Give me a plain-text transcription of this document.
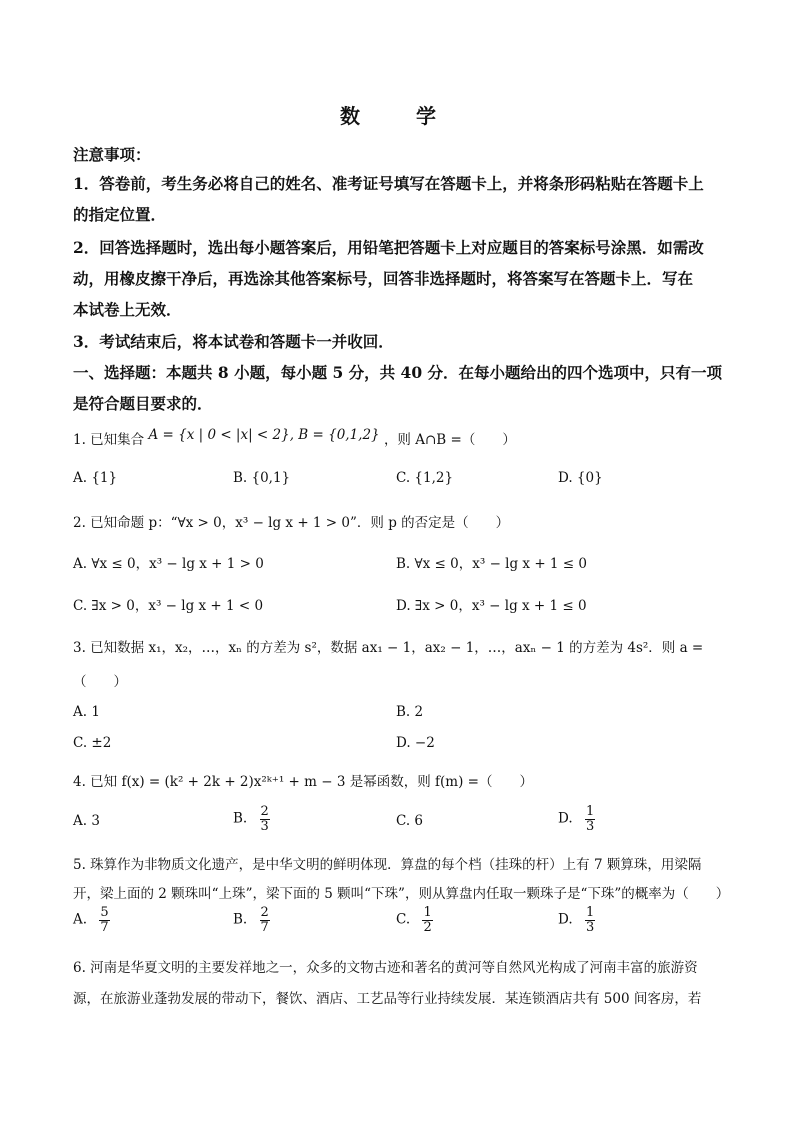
数　学
注意事项：
1．答卷前，考生务必将自己的姓名、准考证号填写在答题卡上，并将条形码粘贴在答题卡上
的指定位置．
2．回答选择题时，选出每小题答案后，用铅笔把答题卡上对应题目的答案标号涂黑．如需改
动，用橡皮擦干净后，再选涂其他答案标号，回答非选择题时，将答案写在答题卡上．写在
本试卷上无效．
3．考试结束后，将本试卷和答题卡一并收回．
一、选择题：本题共 8 小题，每小题 5 分，共 40 分．在每小题给出的四个选项中，只有一项
是符合题目要求的．
1. 已知集合 A = {x | 0 < |x| < 2}, B = {0,1,2} ，则 A∩B =（　　）
A. {1}	B. {0,1}	C. {1,2}	D. {0}
2. 已知命题 p：“∀x > 0，x³ − lg x + 1 > 0”．则 p 的否定是（　　）
A. ∀x ≤ 0，x³ − lg x + 1 > 0	B. ∀x ≤ 0，x³ − lg x + 1 ≤ 0
C. ∃x > 0，x³ − lg x + 1 < 0	D. ∃x > 0，x³ − lg x + 1 ≤ 0
3. 已知数据 x₁，x₂，…，xₙ 的方差为 s²，数据 ax₁ − 1，ax₂ − 1，…，axₙ − 1 的方差为 4s²．则 a =
（　　）
A. 1	B. 2
C. ±2	D. −2
4. 已知 f(x) = (k² + 2k + 2)x²ᵏ⁺¹ + m − 3 是幂函数，则 f(m) =（　　）
A. 3	B. $\frac{2}{3}$	C. 6	D. $\frac{1}{3}$
5. 珠算作为非物质文化遗产，是中华文明的鲜明体现．算盘的每个档（挂珠的杆）上有 7 颗算珠，用梁隔
开，梁上面的 2 颗珠叫“上珠”，梁下面的 5 颗叫“下珠”，则从算盘内任取一颗珠子是“下珠”的概率为（　　）
A. $\frac{5}{7}$	B. $\frac{2}{7}$	C. $\frac{1}{2}$	D. $\frac{1}{3}$
6. 河南是华夏文明的主要发祥地之一，众多的文物古迹和著名的黄河等自然风光构成了河南丰富的旅游资
源，在旅游业蓬勃发展的带动下，餐饮、酒店、工艺品等行业持续发展．某连锁酒店共有 500 间客房，若
